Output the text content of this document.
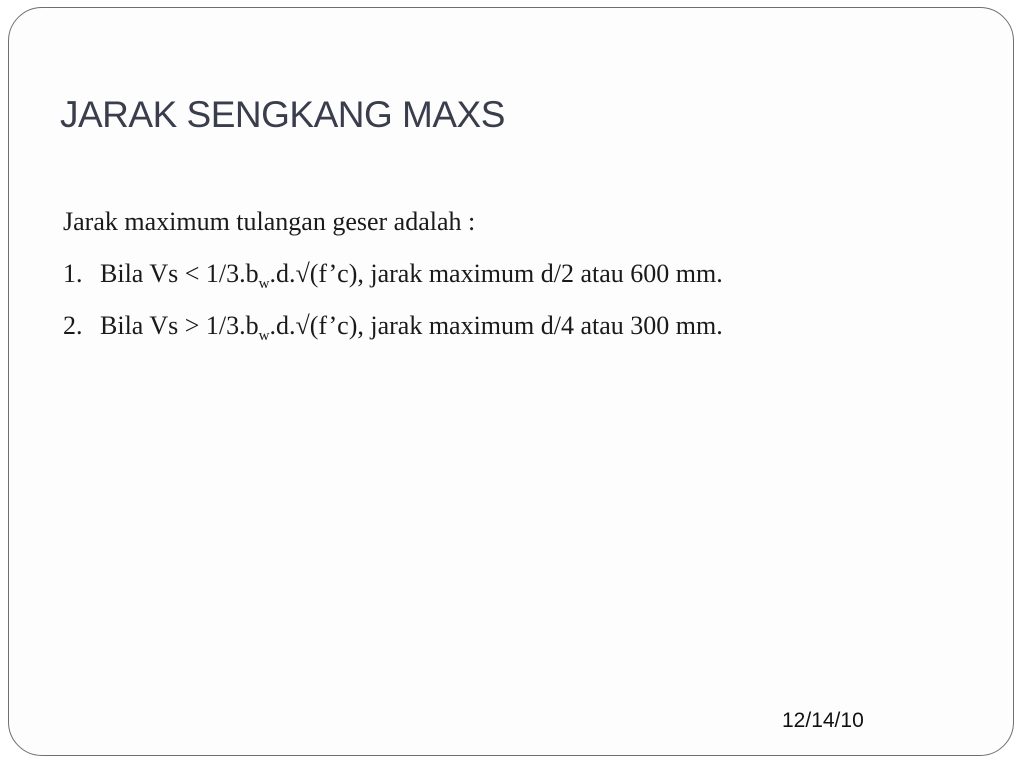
JARAK SENGKANG MAXS
Jarak maximum tulangan geser adalah :
1. Bila $Vs < 1/3.b_w.d.√(f’c)$, jarak maximum d/2 atau 600 mm.
2. Bila $Vs > 1/3.b_w.d.√(f’c)$, jarak maximum d/4 atau 300 mm.
12/14/10
